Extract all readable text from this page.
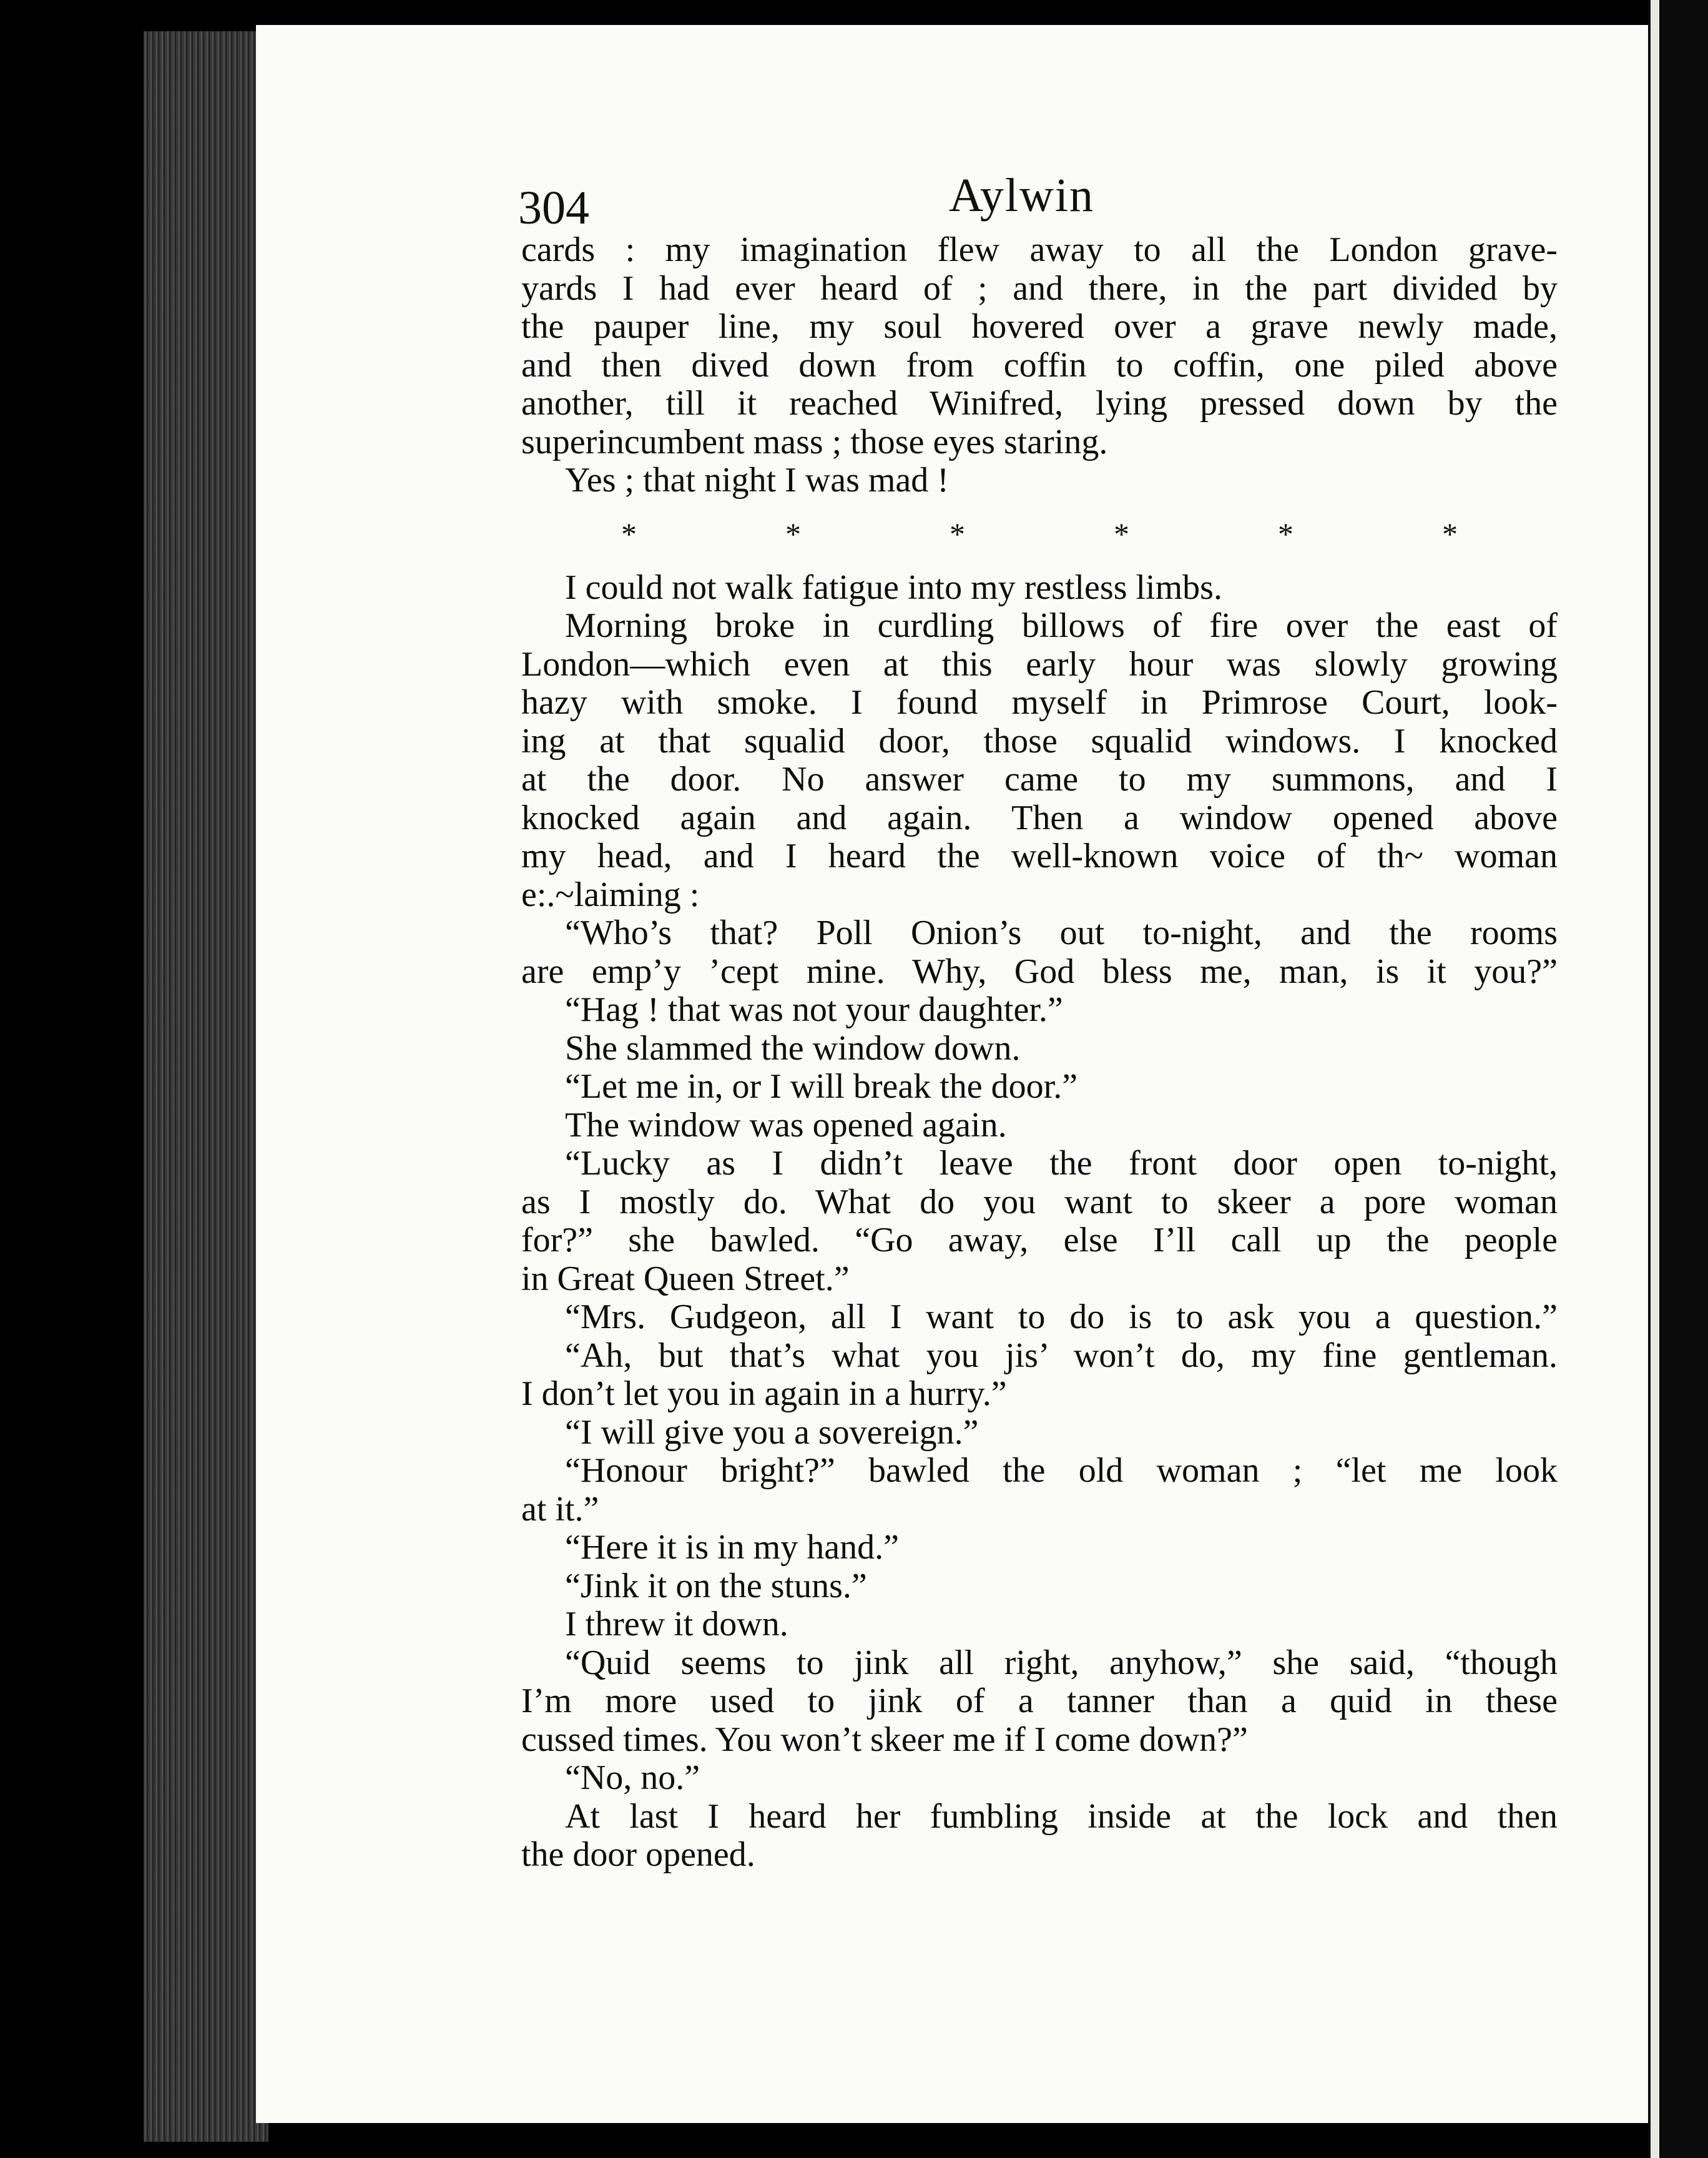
304	Aylwin
cards : my imagination flew away to all the London grave-
yards I had ever heard of ; and there, in the part divided by
the pauper line, my soul hovered over a grave newly made,
and then dived down from coffin to coffin, one piled above
another, till it reached Winifred, lying pressed down by the
superincumbent mass ; those eyes staring.
Yes ; that night I was mad !
*	*	*	*	*	*
I could not walk fatigue into my restless limbs.
Morning broke in curdling billows of fire over the east of
London—which even at this early hour was slowly growing
hazy with smoke. I found myself in Primrose Court, look-
ing at that squalid door, those squalid windows. I knocked
at the door. No answer came to my summons, and I
knocked again and again. Then a window opened above
my head, and I heard the well-known voice of th~ woman
e:.~laiming :
“Who’s that? Poll Onion’s out to-night, and the rooms
are emp’y ’cept mine. Why, God bless me, man, is it you?”
“Hag ! that was not your daughter.”
She slammed the window down.
“Let me in, or I will break the door.”
The window was opened again.
“Lucky as I didn’t leave the front door open to-night,
as I mostly do. What do you want to skeer a pore woman
for?” she bawled. “Go away, else I’ll call up the people
in Great Queen Street.”
“Mrs. Gudgeon, all I want to do is to ask you a question.”
“Ah, but that’s what you jis’ won’t do, my fine gentleman.
I don’t let you in again in a hurry.”
“I will give you a sovereign.”
“Honour bright?” bawled the old woman ; “let me look
at it.”
“Here it is in my hand.”
“Jink it on the stuns.”
I threw it down.
“Quid seems to jink all right, anyhow,” she said, “though
I’m more used to jink of a tanner than a quid in these
cussed times. You won’t skeer me if I come down?”
“No, no.”
At last I heard her fumbling inside at the lock and then
the door opened.
